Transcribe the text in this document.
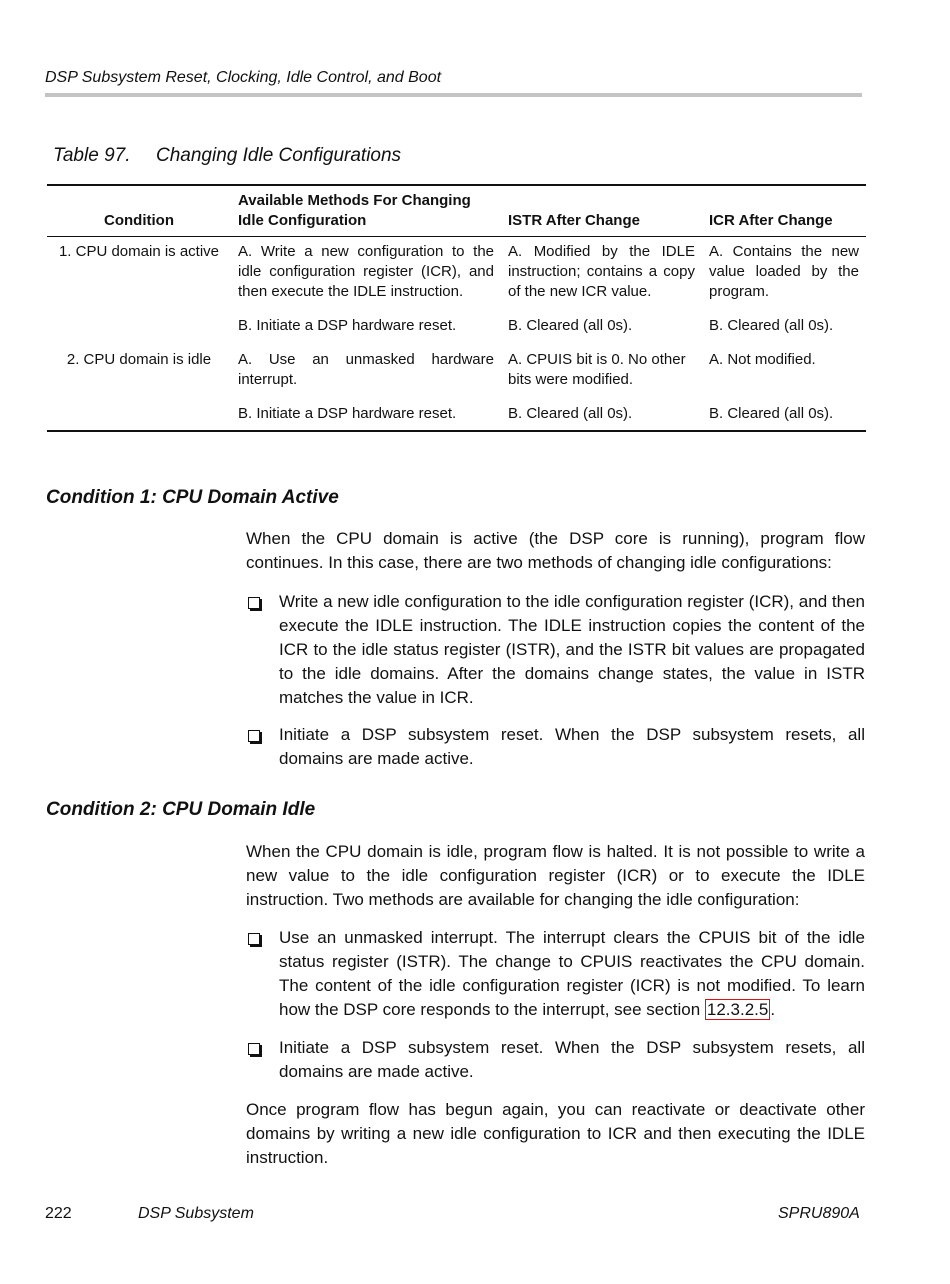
DSP Subsystem Reset, Clocking, Idle Control, and Boot
Table 97. Changing Idle Configurations
Condition	Available Methods For Changing Idle Configuration	ISTR After Change	ICR After Change
1. CPU domain is active	A. Write a new configuration to the idle configuration register (ICR), and then execute the IDLE instruction.	A. Modified by the IDLE instruction; contains a copy of the new ICR value.	A. Contains the new value loaded by the program.
	B. Initiate a DSP hardware reset.	B. Cleared (all 0s).	B. Cleared (all 0s).
2. CPU domain is idle	A. Use an unmasked hardware interrupt.	A. CPUIS bit is 0. No other bits were modified.	A. Not modified.
	B. Initiate a DSP hardware reset.	B. Cleared (all 0s).	B. Cleared (all 0s).
Condition 1: CPU Domain Active
When the CPU domain is active (the DSP core is running), program flow continues. In this case, there are two methods of changing idle configurations:
Write a new idle configuration to the idle configuration register (ICR), and then execute the IDLE instruction. The IDLE instruction copies the content of the ICR to the idle status register (ISTR), and the ISTR bit values are propagated to the idle domains. After the domains change states, the value in ISTR matches the value in ICR.
Initiate a DSP subsystem reset. When the DSP subsystem resets, all domains are made active.
Condition 2: CPU Domain Idle
When the CPU domain is idle, program flow is halted. It is not possible to write a new value to the idle configuration register (ICR) or to execute the IDLE instruction. Two methods are available for changing the idle configuration:
Use an unmasked interrupt. The interrupt clears the CPUIS bit of the idle status register (ISTR). The change to CPUIS reactivates the CPU domain. The content of the idle configuration register (ICR) is not modified. To learn how the DSP core responds to the interrupt, see section 12.3.2.5 .
Initiate a DSP subsystem reset. When the DSP subsystem resets, all domains are made active.
Once program flow has begun again, you can reactivate or deactivate other domains by writing a new idle configuration to ICR and then executing the IDLE instruction.
222	DSP Subsystem	SPRU890A
